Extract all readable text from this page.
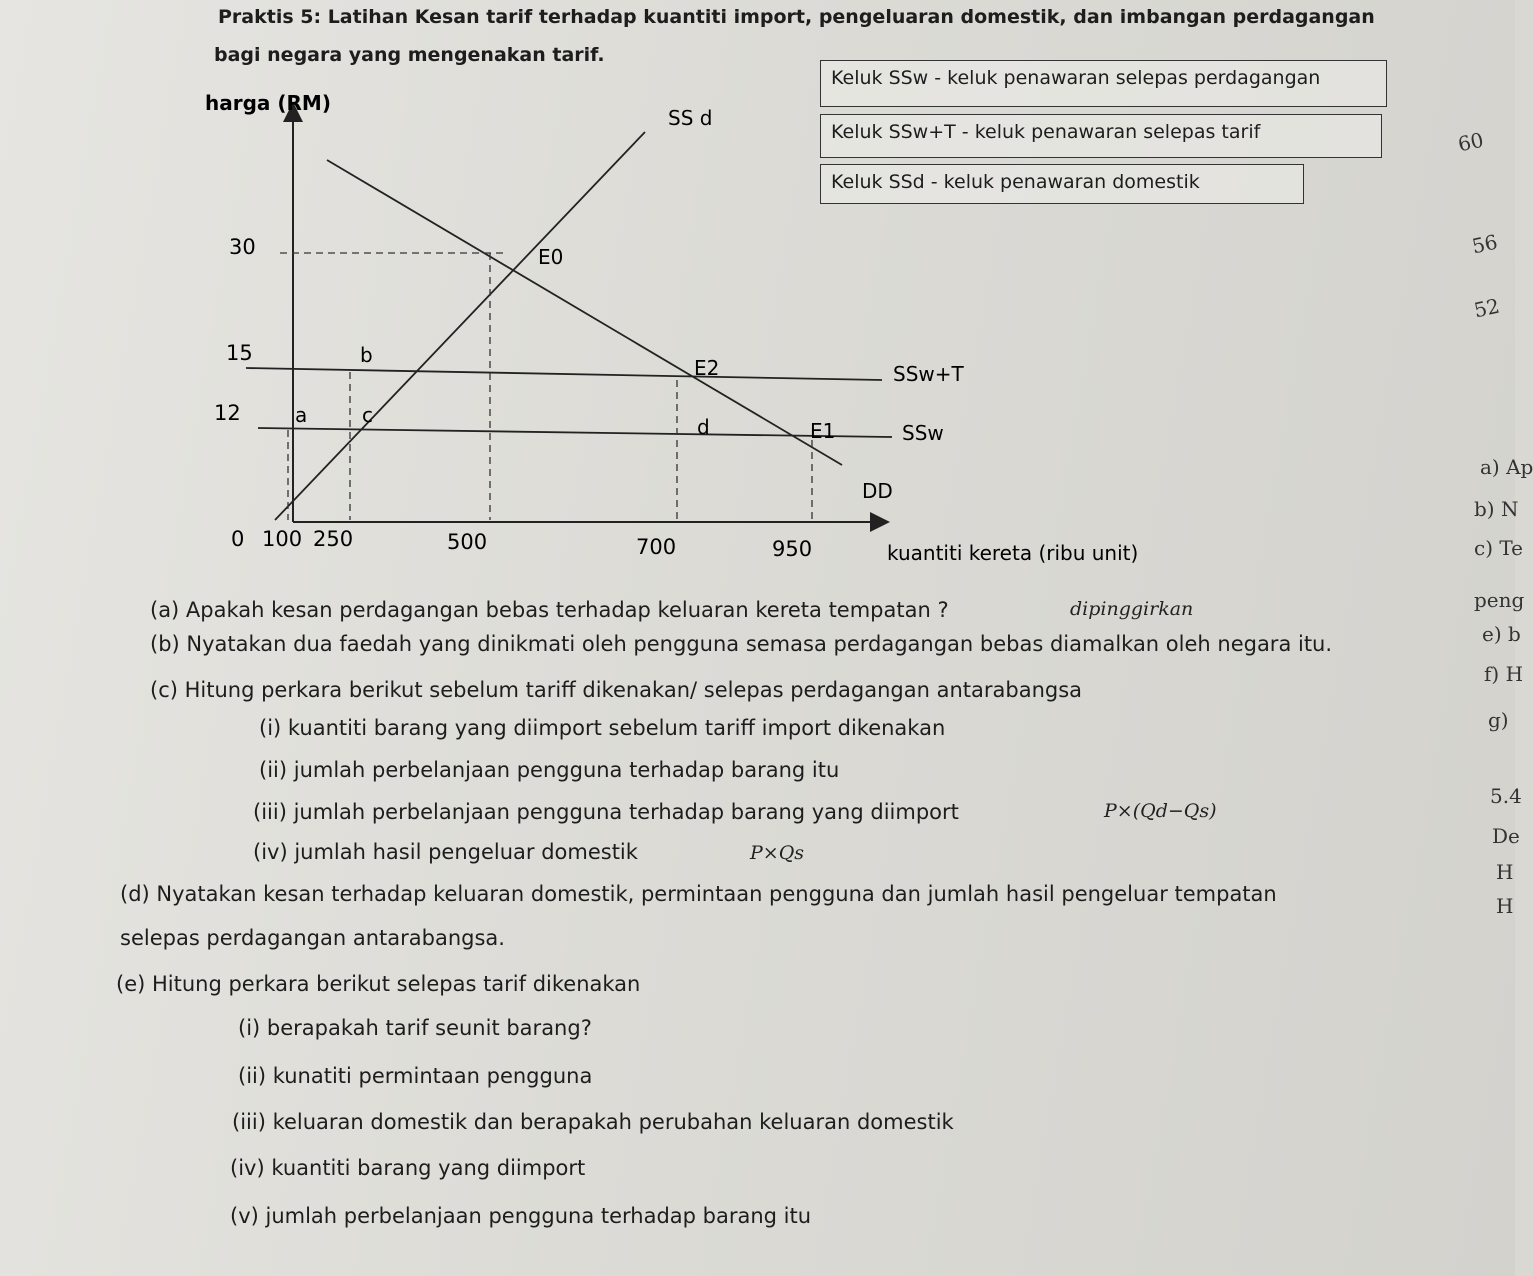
Praktis 5: Latihan Kesan tarif terhadap kuantiti import, pengeluaran domestik, dan imbangan perdagangan
bagi negara yang mengenakan tarif.
Keluk SSw - keluk penawaran selepas perdagangan
Keluk SSw+T - keluk penawaran selepas tarif
Keluk SSd - keluk penawaran domestik
harga (RM)
kuantiti kereta (ribu unit)
30
15
12
0 100 250	500	700	950
SS d
SSw+T
SSw
DD
E0
E2
E1
a
b
c	d
(a) Apakah kesan perdagangan bebas terhadap keluaran kereta tempatan ?	dipinggirkan
(b) Nyatakan dua faedah yang dinikmati oleh pengguna semasa perdagangan bebas diamalkan oleh negara itu.
(c) Hitung perkara berikut sebelum tariff dikenakan/ selepas perdagangan antarabangsa
(i) kuantiti barang yang diimport sebelum tariff import dikenakan
(ii) jumlah perbelanjaan pengguna terhadap barang itu
(iii) jumlah perbelanjaan pengguna terhadap barang yang diimport	P×(Qd−Qs)
(iv) jumlah hasil pengeluar domestik	P×Qs
(d) Nyatakan kesan terhadap keluaran domestik, permintaan pengguna dan jumlah hasil pengeluar tempatan
selepas perdagangan antarabangsa.
(e) Hitung perkara berikut selepas tarif dikenakan
(i) berapakah tarif seunit barang?
(ii) kunatiti permintaan pengguna
(iii) keluaran domestik dan berapakah perubahan keluaran domestik
(iv) kuantiti barang yang diimport
(v) jumlah perbelanjaan pengguna terhadap barang itu
60
56
52
a) Ap
b) N
c) Te
peng
e) b
f) H
g)
5.4
De
H
H
